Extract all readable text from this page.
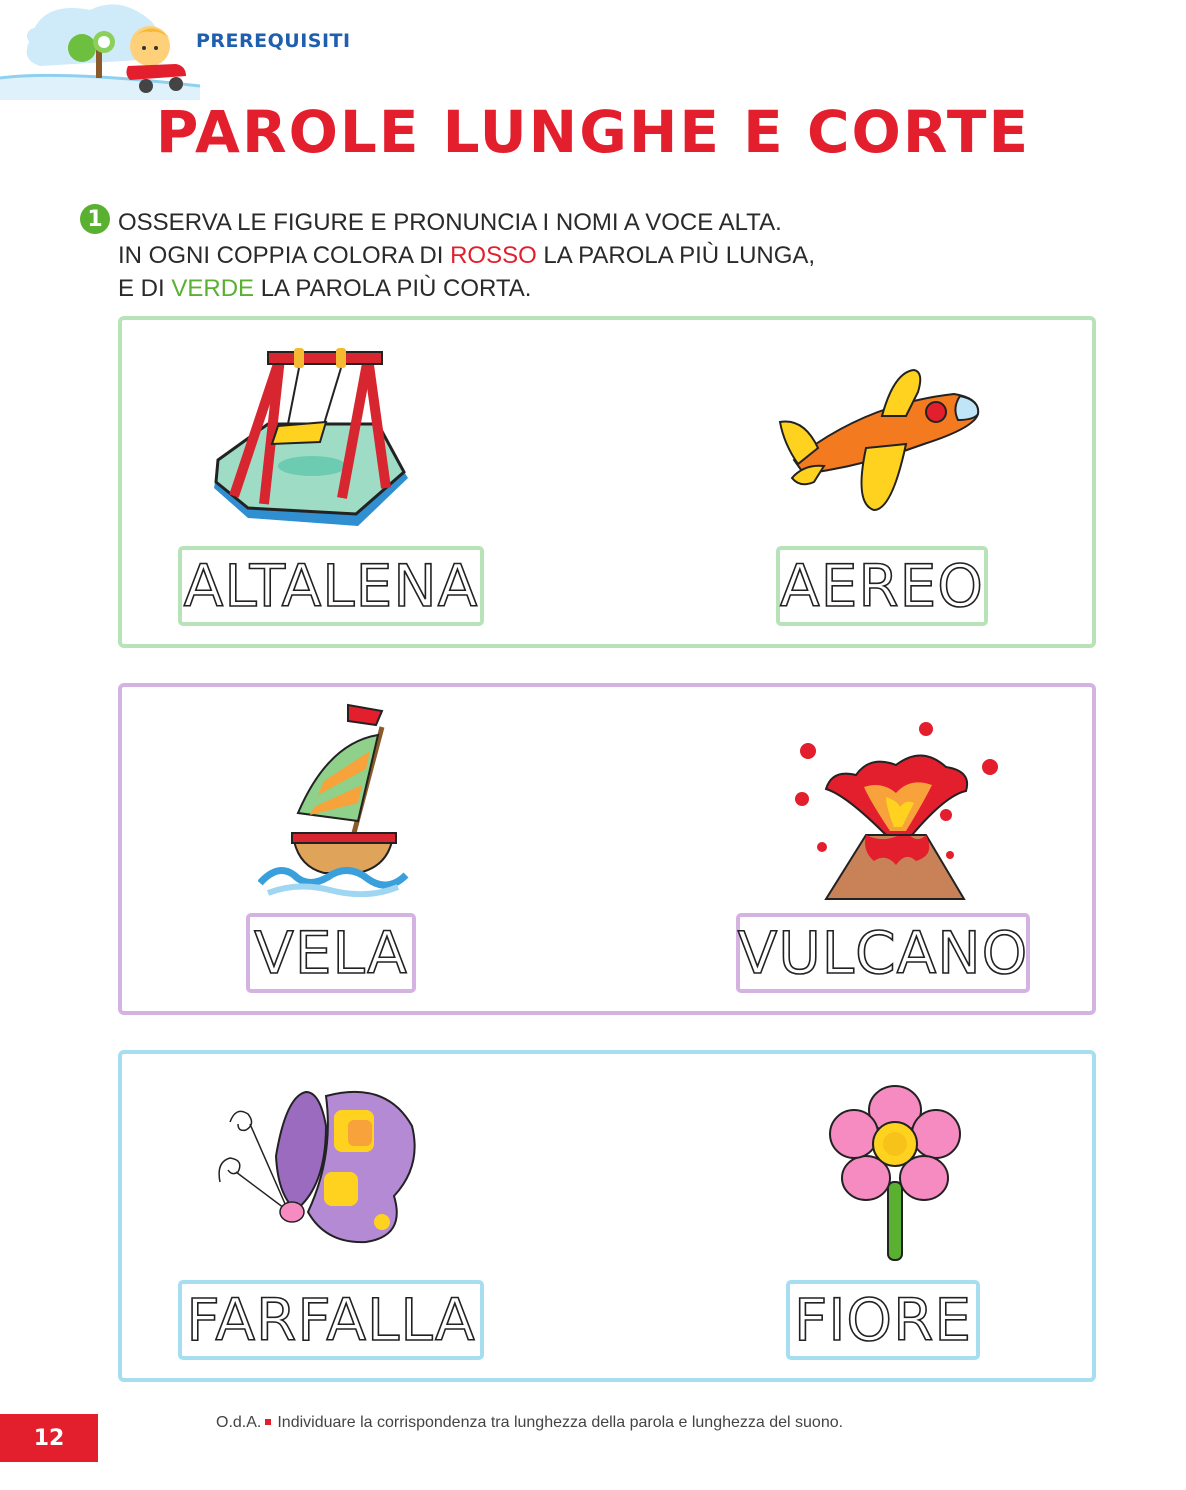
PREREQUISITI
PAROLE LUNGHE E CORTE
1 OSSERVA LE FIGURE E PRONUNCIA I NOMI A VOCE ALTA.
IN OGNI COPPIA COLORA DI ROSSO LA PAROLA PIÙ LUNGA,
E DI VERDE LA PAROLA PIÙ CORTA.
ALTALENA	AEREO
VELA	VULCANO
FARFALLA	FIORE
12
O.d.A. Individuare la corrispondenza tra lunghezza della parola e lunghezza del suono.
